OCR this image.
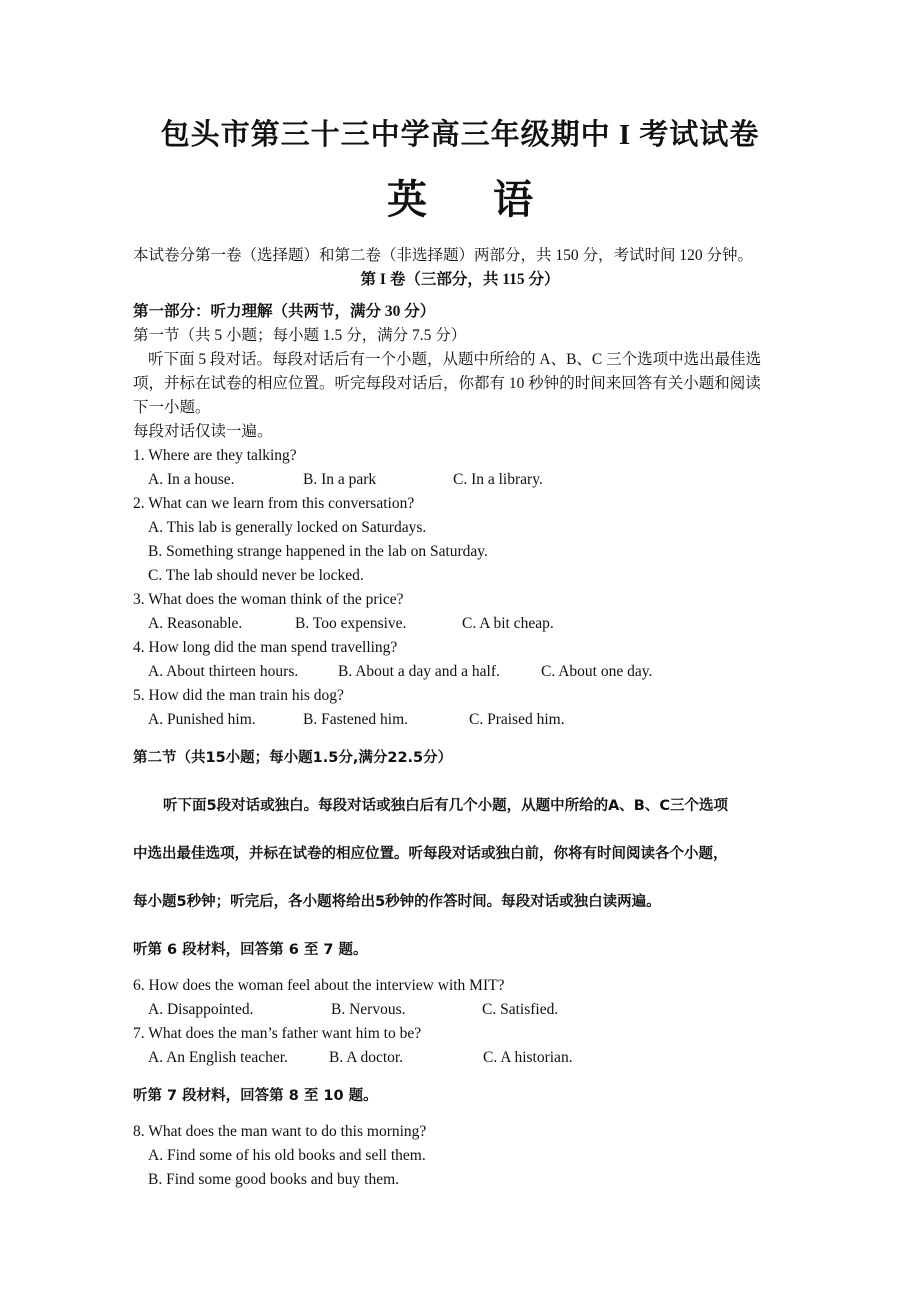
包头市第三十三中学高三年级期中 I 考试试卷
英 语
本试卷分第一卷（选择题）和第二卷（非选择题）两部分，共 150 分，考试时间 120 分钟。
第 I 卷（三部分，共 115 分）
第一部分：听力理解（共两节，满分 30 分）
第一节（共 5 小题；每小题 1.5 分，满分 7.5 分）
听下面 5 段对话。每段对话后有一个小题，从题中所给的 A、B、C 三个选项中选出最佳选
项，并标在试卷的相应位置。听完每段对话后，你都有 10 秒钟的时间来回答有关小题和阅读
下一小题。
每段对话仅读一遍。
1. Where are they talking?
A. In a house.	B. In a park	C. In a library.
2. What can we learn from this conversation?
A. This lab is generally locked on Saturdays.
B. Something strange happened in the lab on Saturday.
C. The lab should never be locked.
3. What does the woman think of the price?
A. Reasonable.	B. Too expensive.	C. A bit cheap.
4. How long did the man spend travelling?
A. About thirteen hours.	B. About a day and a half.	C. About one day.
5. How did the man train his dog?
A. Punished him.	B. Fastened him.	C. Praised him.
第二节（共15小题；每小题1.5分,满分22.5分）
听下面5段对话或独白。每段对话或独白后有几个小题，从题中所给的A、B、C三个选项
中选出最佳选项，并标在试卷的相应位置。听每段对话或独白前，你将有时间阅读各个小题，
每小题5秒钟；听完后，各小题将给出5秒钟的作答时间。每段对话或独白读两遍。
听第 6 段材料，回答第 6 至 7 题。
6. How does the woman feel about the interview with MIT?
A. Disappointed.	B. Nervous.	C. Satisfied.
7. What does the man’s father want him to be?
A. An English teacher.	B. A doctor.	C. A historian.
听第 7 段材料，回答第 8 至 10 题。
8. What does the man want to do this morning?
A. Find some of his old books and sell them.
B. Find some good books and buy them.
